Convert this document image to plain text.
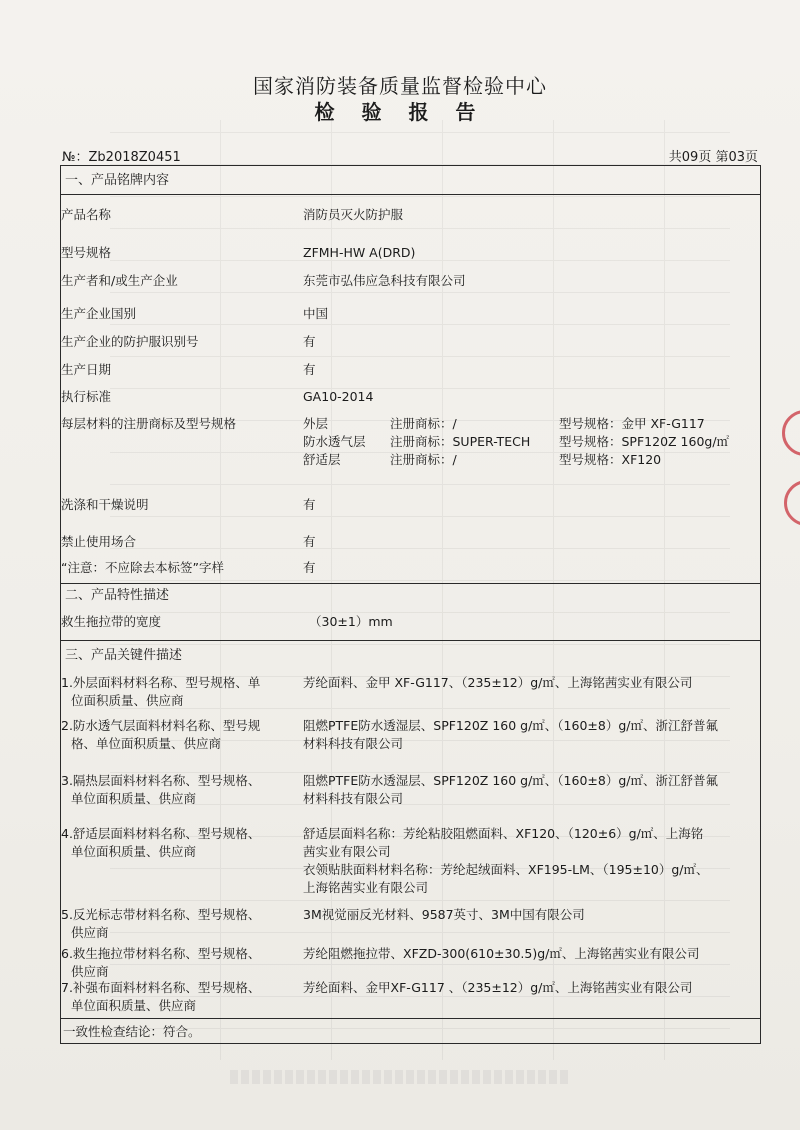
国家消防装备质量监督检验中心
检 验 报 告
№：Zb2018Z0451	共09页 第03页
一、产品铭牌内容
产品名称	消防员灭火防护服
型号规格	ZFMH-HW A(DRD)
生产者和/或生产企业	东莞市弘伟应急科技有限公司
生产企业国别	中国
生产企业的防护服识别号	有
生产日期	有
执行标准	GA10-2014
每层材料的注册商标及型号规格	外层	注册商标：/	型号规格：金甲 XF-G117
防水透气层 注册商标：SUPER-TECH 型号规格：SPF120Z 160g/㎡
舒适层	注册商标：/	型号规格：XF120
洗涤和干燥说明	有
禁止使用场合	有
“注意：不应除去本标签”字样	有
二、产品特性描述
救生拖拉带的宽度	（30±1）mm
三、产品关键件描述
1.外层面料材料名称、型号规格、单
位面积质量、供应商
芳纶面料、金甲 XF-G117、（235±12）g/㎡、上海铭茜实业有限公司
2.防水透气层面料材料名称、型号规
格、单位面积质量、供应商
阻燃PTFE防水透湿层、SPF120Z 160 g/㎡、（160±8）g/㎡、浙江舒普氟
材料科技有限公司
3.隔热层面料材料名称、型号规格、
单位面积质量、供应商
阻燃PTFE防水透湿层、SPF120Z 160 g/㎡、（160±8）g/㎡、浙江舒普氟
材料科技有限公司
4.舒适层面料材料名称、型号规格、
单位面积质量、供应商
舒适层面料名称：芳纶粘胶阻燃面料、XF120、（120±6）g/㎡、上海铭
茜实业有限公司
衣领贴肤面料材料名称：芳纶起绒面料、XF195-LM、（195±10）g/㎡、
上海铭茜实业有限公司
5.反光标志带材料名称、型号规格、
供应商
3M视觉丽反光材料、9587英寸、3M中国有限公司
6.救生拖拉带材料名称、型号规格、
供应商
芳纶阻燃拖拉带、XFZD-300(610±30.5)g/㎡、上海铭茜实业有限公司
7.补强布面料材料名称、型号规格、
单位面积质量、供应商
芳纶面料、金甲XF-G117 、（235±12）g/㎡、上海铭茜实业有限公司
一致性检查结论：符合。
